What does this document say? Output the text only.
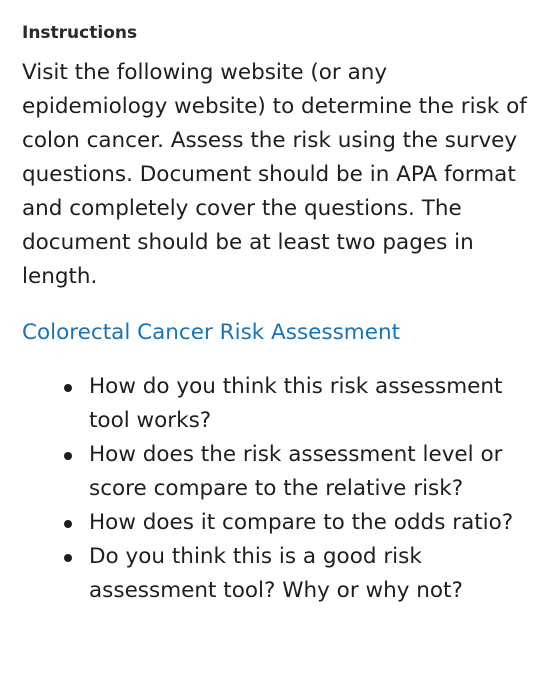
Instructions

Visit the following website (or any epidemiology website) to determine the risk of colon cancer. Assess the risk using the survey questions. Document should be in APA format and completely cover the questions. The document should be at least two pages in length.

Colorectal Cancer Risk Assessment
How do you think this risk assessment tool works?
How does the risk assessment level or score compare to the relative risk?
How does it compare to the odds ratio?
Do you think this is a good risk assessment tool? Why or why not?
